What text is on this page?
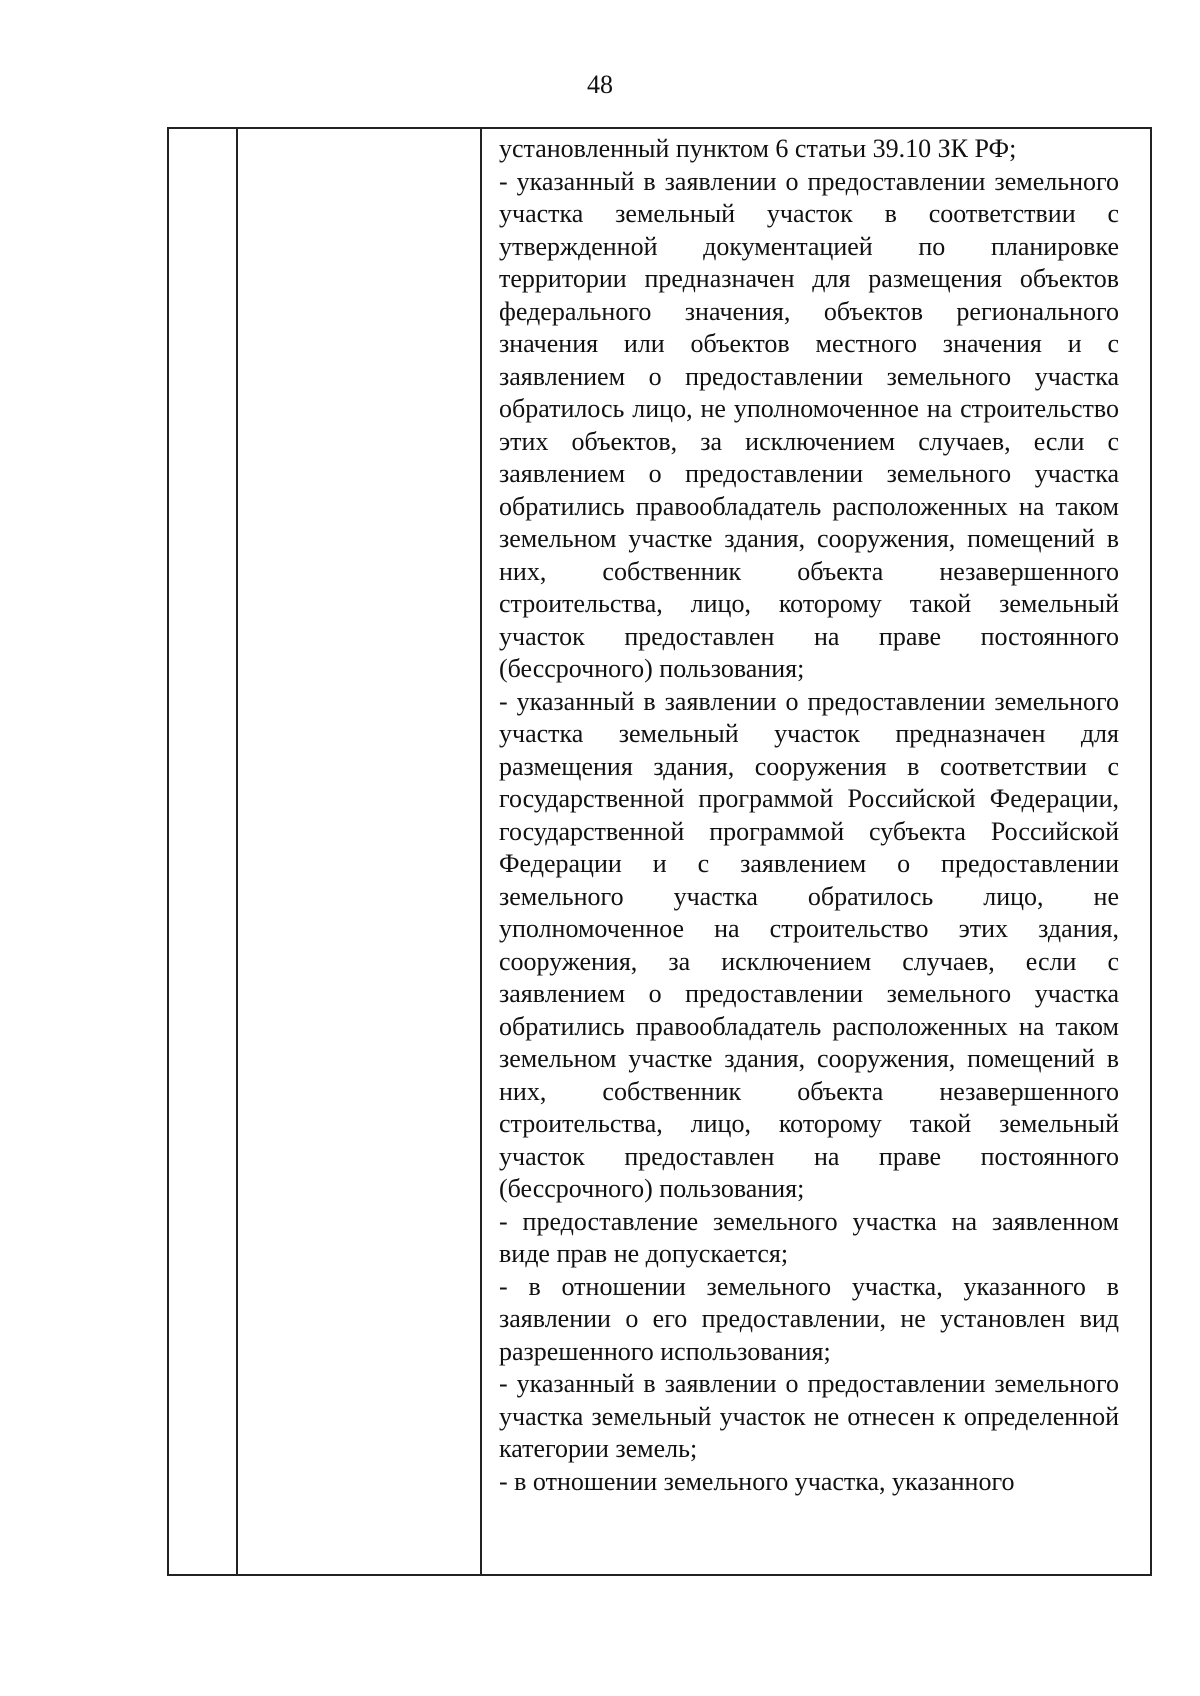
48

установленный пунктом 6 статьи 39.10 ЗК РФ;

- указанный в заявлении о предоставлении земельного участка земельный участок в соответствии с утвержденной документацией по планировке территории предназначен для размещения объектов федерального значения, объектов регионального значения или объектов местного значения и с заявлением о предоставлении земельного участка обратилось лицо, не уполномоченное на строительство этих объектов, за исключением случаев, если с заявлением о предоставлении земельного участка обратились правообладатель расположенных на таком земельном участке здания, сооружения, помещений в них, собственник объекта незавершенного строительства, лицо, которому такой земельный участок предоставлен на праве постоянного (бессрочного) пользования;

- указанный в заявлении о предоставлении земельного участка земельный участок предназначен для размещения здания, сооружения в соответствии с государственной программой Российской Федерации, государственной программой субъекта Российской Федерации и с заявлением о предоставлении земельного участка обратилось лицо, не уполномоченное на строительство этих здания, сооружения, за исключением случаев, если с заявлением о предоставлении земельного участка обратились правообладатель расположенных на таком земельном участке здания, сооружения, помещений в них, собственник объекта незавершенного строительства, лицо, которому такой земельный участок предоставлен на праве постоянного (бессрочного) пользования;

- предоставление земельного участка на заявленном виде прав не допускается;

- в отношении земельного участка, указанного в заявлении о его предоставлении, не установлен вид разрешенного использования;

- указанный в заявлении о предоставлении земельного участка земельный участок не отнесен к определенной категории земель;

- в отношении земельного участка, указанного
